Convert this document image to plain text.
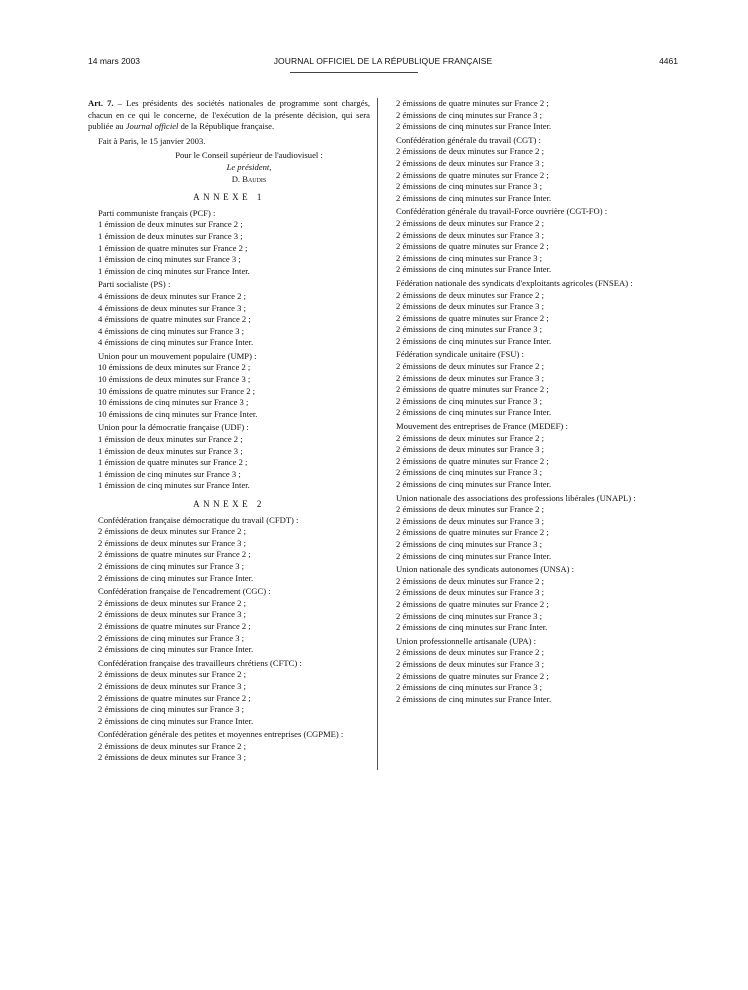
14 mars 2003	JOURNAL OFFICIEL DE LA RÉPUBLIQUE FRANÇAISE	4461

Art. 7. – Les présidents des sociétés nationales de programme sont chargés, chacun en ce qui le concerne, de l'exécution de la présente décision, qui sera publiée au Journal officiel de la République française.

Fait à Paris, le 15 janvier 2003.

Pour le Conseil supérieur de l'audiovisuel :

Le président,

D. Baudis

ANNEXE 1

Parti communiste français (PCF) :

1 émission de deux minutes sur France 2 ;

1 émission de deux minutes sur France 3 ;

1 émission de quatre minutes sur France 2 ;

1 émission de cinq minutes sur France 3 ;

1 émission de cinq minutes sur France Inter.

Parti socialiste (PS) :

4 émissions de deux minutes sur France 2 ;

4 émissions de deux minutes sur France 3 ;

4 émissions de quatre minutes sur France 2 ;

4 émissions de cinq minutes sur France 3 ;

4 émissions de cinq minutes sur France Inter.

Union pour un mouvement populaire (UMP) :

10 émissions de deux minutes sur France 2 ;

10 émissions de deux minutes sur France 3 ;

10 émissions de quatre minutes sur France 2 ;

10 émissions de cinq minutes sur France 3 ;

10 émissions de cinq minutes sur France Inter.

Union pour la démocratie française (UDF) :

1 émission de deux minutes sur France 2 ;

1 émission de deux minutes sur France 3 ;

1 émission de quatre minutes sur France 2 ;

1 émission de cinq minutes sur France 3 ;

1 émission de cinq minutes sur France Inter.

ANNEXE 2

Confédération française démocratique du travail (CFDT) :

2 émissions de deux minutes sur France 2 ;

2 émissions de deux minutes sur France 3 ;

2 émissions de quatre minutes sur France 2 ;

2 émissions de cinq minutes sur France 3 ;

2 émissions de cinq minutes sur France Inter.

Confédération française de l'encadrement (CGC) :

2 émissions de deux minutes sur France 2 ;

2 émissions de deux minutes sur France 3 ;

2 émissions de quatre minutes sur France 2 ;

2 émissions de cinq minutes sur France 3 ;

2 émissions de cinq minutes sur France Inter.

Confédération française des travailleurs chrétiens (CFTC) :

2 émissions de deux minutes sur France 2 ;

2 émissions de deux minutes sur France 3 ;

2 émissions de quatre minutes sur France 2 ;

2 émissions de cinq minutes sur France 3 ;

2 émissions de cinq minutes sur France Inter.

Confédération générale des petites et moyennes entreprises (CGPME) :

2 émissions de deux minutes sur France 2 ;

2 émissions de deux minutes sur France 3 ;

2 émissions de quatre minutes sur France 2 ;

2 émissions de cinq minutes sur France 3 ;

2 émissions de cinq minutes sur France Inter.

Confédération générale du travail (CGT) :

2 émissions de deux minutes sur France 2 ;

2 émissions de deux minutes sur France 3 ;

2 émissions de quatre minutes sur France 2 ;

2 émissions de cinq minutes sur France 3 ;

2 émissions de cinq minutes sur France Inter.

Confédération générale du travail-Force ouvrière (CGT-FO) :

2 émissions de deux minutes sur France 2 ;

2 émissions de deux minutes sur France 3 ;

2 émissions de quatre minutes sur France 2 ;

2 émissions de cinq minutes sur France 3 ;

2 émissions de cinq minutes sur France Inter.

Fédération nationale des syndicats d'exploitants agricoles (FNSEA) :

2 émissions de deux minutes sur France 2 ;

2 émissions de deux minutes sur France 3 ;

2 émissions de quatre minutes sur France 2 ;

2 émissions de cinq minutes sur France 3 ;

2 émissions de cinq minutes sur France Inter.

Fédération syndicale unitaire (FSU) :

2 émissions de deux minutes sur France 2 ;

2 émissions de deux minutes sur France 3 ;

2 émissions de quatre minutes sur France 2 ;

2 émissions de cinq minutes sur France 3 ;

2 émissions de cinq minutes sur France Inter.

Mouvement des entreprises de France (MEDEF) :

2 émissions de deux minutes sur France 2 ;

2 émissions de deux minutes sur France 3 ;

2 émissions de quatre minutes sur France 2 ;

2 émissions de cinq minutes sur France 3 ;

2 émissions de cinq minutes sur France Inter.

Union nationale des associations des professions libérales (UNAPL) :

2 émissions de deux minutes sur France 2 ;

2 émissions de deux minutes sur France 3 ;

2 émissions de quatre minutes sur France 2 ;

2 émissions de cinq minutes sur France 3 ;

2 émissions de cinq minutes sur France Inter.

Union nationale des syndicats autonomes (UNSA) :

2 émissions de deux minutes sur France 2 ;

2 émissions de deux minutes sur France 3 ;

2 émissions de quatre minutes sur France 2 ;

2 émissions de cinq minutes sur France 3 ;

2 émissions de cinq minutes sur Franc Inter.

Union professionnelle artisanale (UPA) :

2 émissions de deux minutes sur France 2 ;

2 émissions de deux minutes sur France 3 ;

2 émissions de quatre minutes sur France 2 ;

2 émissions de cinq minutes sur France 3 ;

2 émissions de cinq minutes sur France Inter.
